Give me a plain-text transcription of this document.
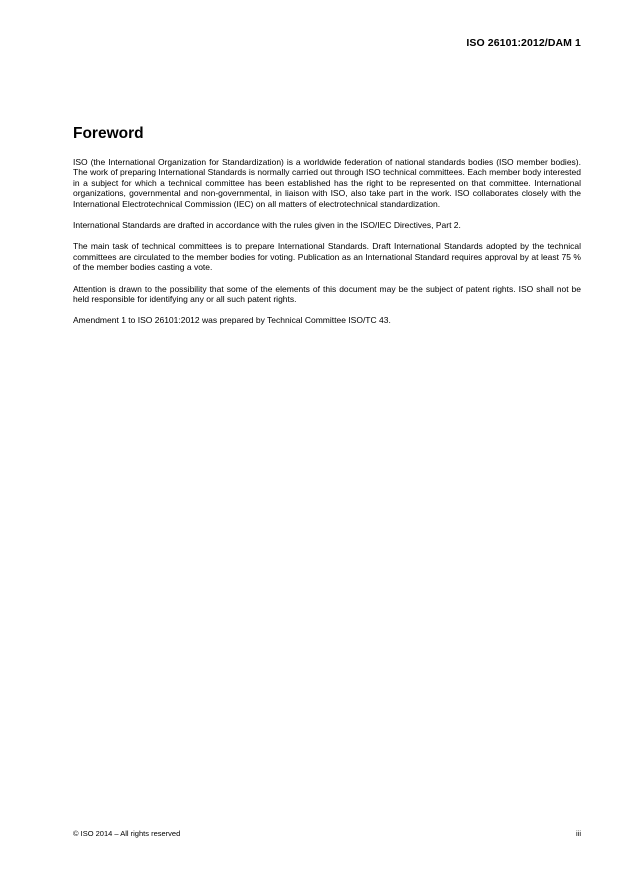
ISO 26101:2012/DAM 1
Foreword

ISO (the International Organization for Standardization) is a worldwide federation of national standards bodies (ISO member bodies). The work of preparing International Standards is normally carried out through ISO technical committees. Each member body interested in a subject for which a technical committee has been established has the right to be represented on that committee. International organizations, governmental and non-governmental, in liaison with ISO, also take part in the work. ISO collaborates closely with the International Electrotechnical Commission (IEC) on all matters of electrotechnical standardization.

International Standards are drafted in accordance with the rules given in the ISO/IEC Directives, Part 2.

The main task of technical committees is to prepare International Standards. Draft International Standards adopted by the technical committees are circulated to the member bodies for voting. Publication as an International Standard requires approval by at least 75 % of the member bodies casting a vote.

Attention is drawn to the possibility that some of the elements of this document may be the subject of patent rights. ISO shall not be held responsible for identifying any or all such patent rights.

Amendment 1 to ISO 26101:2012 was prepared by Technical Committee ISO/TC 43.

© ISO 2014 – All rights reserved	iii
